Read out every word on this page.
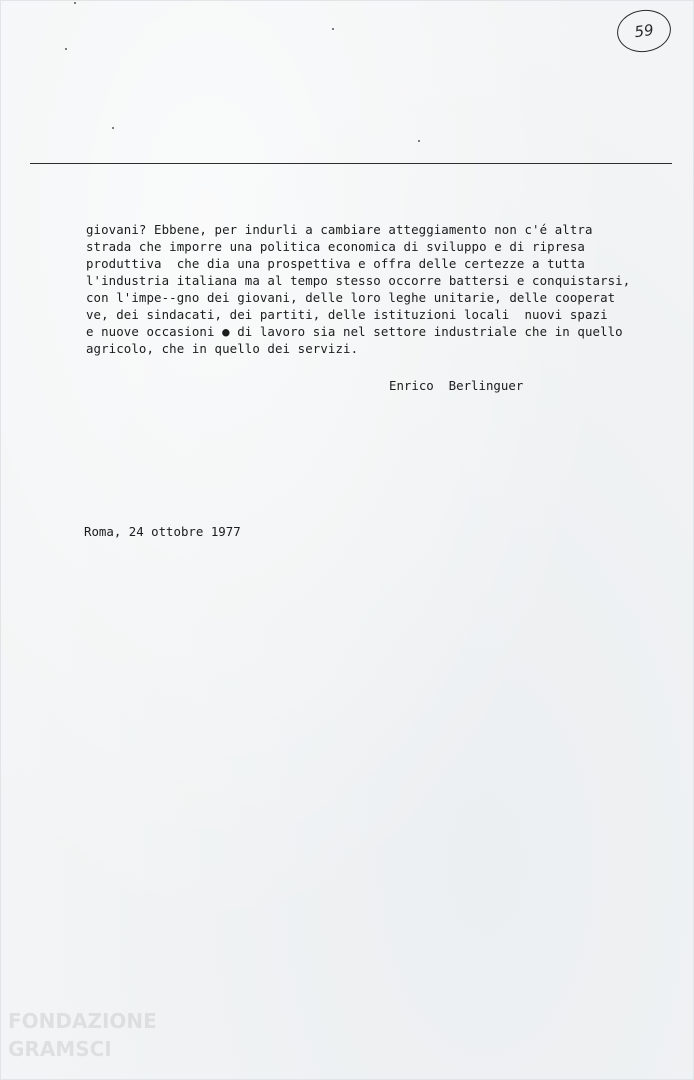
59
giovani? Ebbene, per indurli a cambiare atteggiamento non c'é altra
strada che imporre una politica economica di sviluppo e di ripresa
produttiva  che dia una prospettiva e offra delle certezze a tutta
l'industria italiana ma al tempo stesso occorre battersi e conquistarsi,
con l'impe--gno dei giovani, delle loro leghe unitarie, delle cooperat
ve, dei sindacati, dei partiti, delle istituzioni locali  nuovi spazi
e nuove occasioni ● di lavoro sia nel settore industriale che in quello
agricolo, che in quello dei servizi.
Enrico  Berlinguer
Roma, 24 ottobre 1977
FONDAZIONE
GRAMSCI
